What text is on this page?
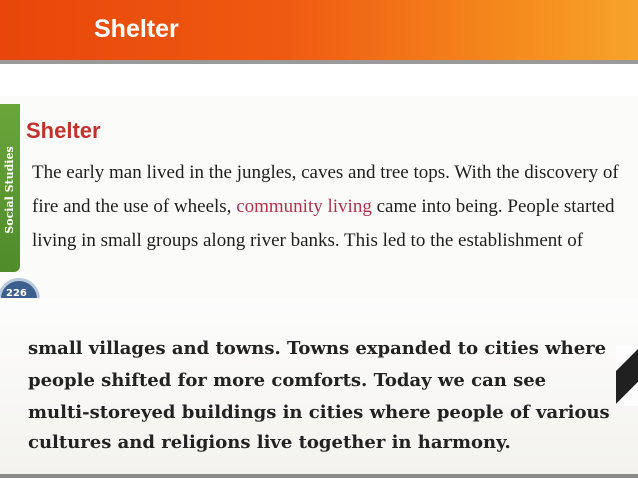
Shelter
Social Studies
226
Shelter
The early man lived in the jungles, caves and tree tops. With the discovery of
fire and the use of wheels, community living came into being. People started
living in small groups along river banks. This led to the establishment of
small villages and towns. Towns expanded to cities where
people shifted for more comforts. Today we can see
multi-storeyed buildings in cities where people of various
cultures and religions live together in harmony.
